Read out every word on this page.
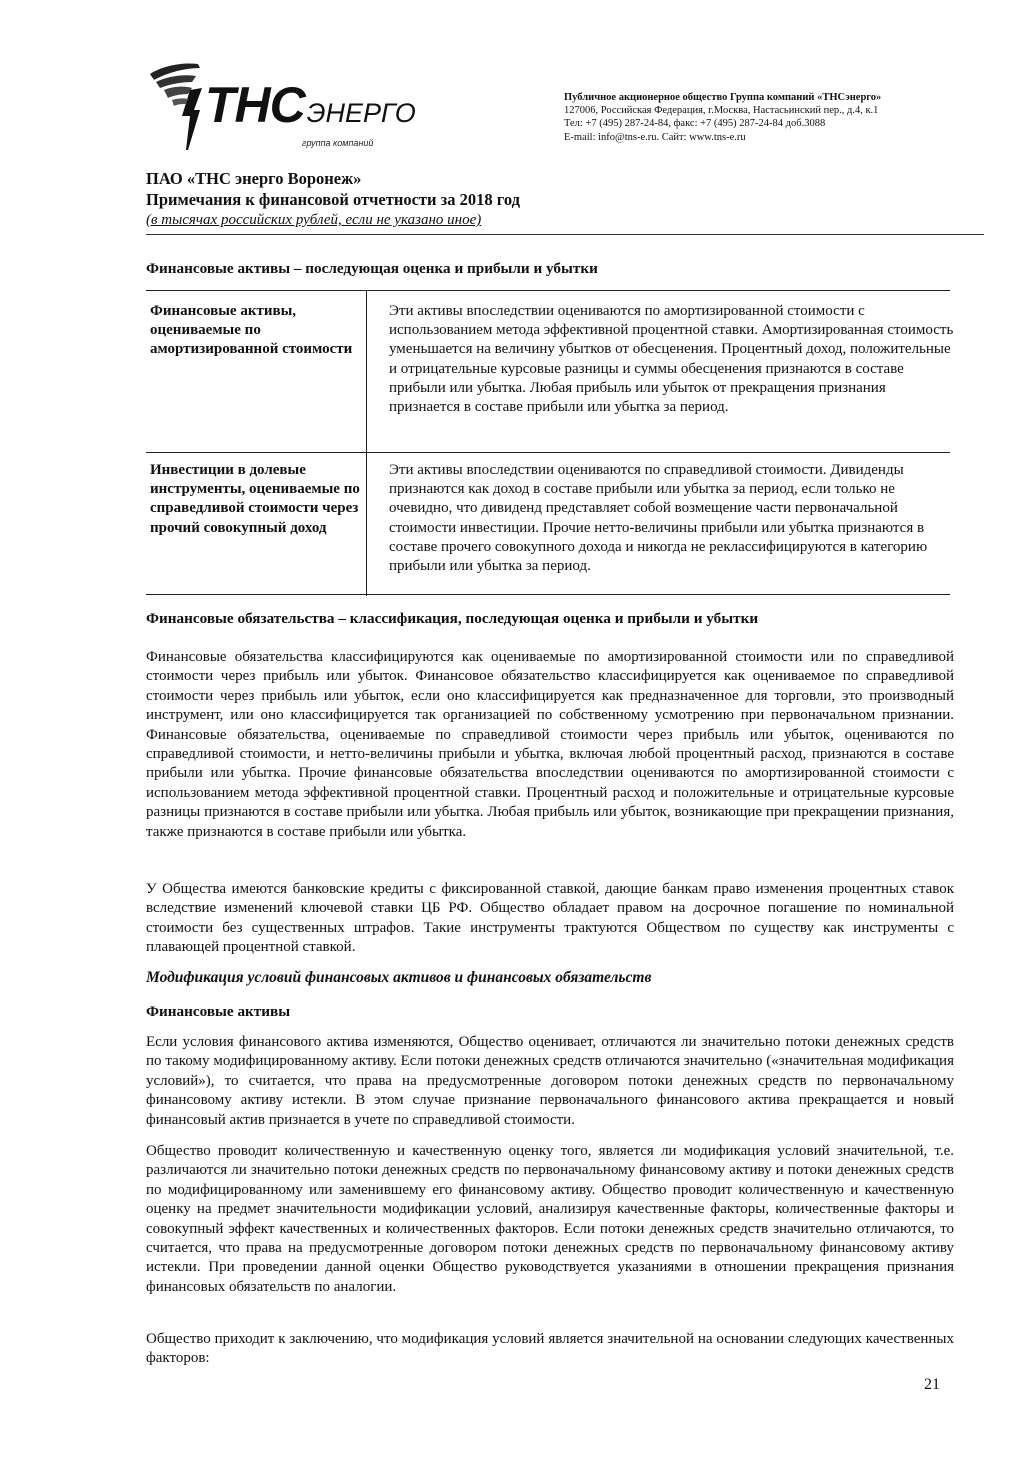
ТНСЭНЕРГО
группа компаний
Публичное акционерное общество Группа компаний «ТНСэнерго»
127006, Российская Федерация, г.Москва, Настасьинский пер., д.4, к.1
Тел: +7 (495) 287-24-84, факс: +7 (495) 287-24-84 доб.3088
E-mail: info@tns-e.ru. Сайт: www.tns-e.ru
ПАО «ТНС энерго Воронеж»
Примечания к финансовой отчетности за 2018 год
(в тысячах российских рублей, если не указано иное)
Финансовые активы – последующая оценка и прибыли и убытки
Финансовые активы, оцениваемые по амортизированной стоимости
Эти активы впоследствии оцениваются по амортизированной стоимости с использованием метода эффективной процентной ставки. Амортизированная стоимость уменьшается на величину убытков от обесценения. Процентный доход, положительные и отрицательные курсовые разницы и суммы обесценения признаются в составе прибыли или убытка. Любая прибыль или убыток от прекращения признания признается в составе прибыли или убытка за период.
Инвестиции в долевые инструменты, оцениваемые по справедливой стоимости через прочий совокупный доход
Эти активы впоследствии оцениваются по справедливой стоимости. Дивиденды признаются как доход в составе прибыли или убытка за период, если только не очевидно, что дивиденд представляет собой возмещение части первоначальной стоимости инвестиции. Прочие нетто-величины прибыли или убытка признаются в составе прочего совокупного дохода и никогда не реклассифицируются в категорию прибыли или убытка за период.
Финансовые обязательства – классификация, последующая оценка и прибыли и убытки
Финансовые обязательства классифицируются как оцениваемые по амортизированной стоимости или по справедливой стоимости через прибыль или убыток. Финансовое обязательство классифицируется как оцениваемое по справедливой стоимости через прибыль или убыток, если оно классифицируется как предназначенное для торговли, это производный инструмент, или оно классифицируется так организацией по собственному усмотрению при первоначальном признании. Финансовые обязательства, оцениваемые по справедливой стоимости через прибыль или убыток, оцениваются по справедливой стоимости, и нетто-величины прибыли и убытка, включая любой процентный расход, признаются в составе прибыли или убытка. Прочие финансовые обязательства впоследствии оцениваются по амортизированной стоимости с использованием метода эффективной процентной ставки. Процентный расход и положительные и отрицательные курсовые разницы признаются в составе прибыли или убытка. Любая прибыль или убыток, возникающие при прекращении признания, также признаются в составе прибыли или убытка.
У Общества имеются банковские кредиты с фиксированной ставкой, дающие банкам право изменения процентных ставок вследствие изменений ключевой ставки ЦБ РФ. Общество обладает правом на досрочное погашение по номинальной стоимости без существенных штрафов. Такие инструменты трактуются Обществом по существу как инструменты с плавающей процентной ставкой.
Модификация условий финансовых активов и финансовых обязательств
Финансовые активы
Если условия финансового актива изменяются, Общество оценивает, отличаются ли значительно потоки денежных средств по такому модифицированному активу. Если потоки денежных средств отличаются значительно («значительная модификация условий»), то считается, что права на предусмотренные договором потоки денежных средств по первоначальному финансовому активу истекли. В этом случае признание первоначального финансового актива прекращается и новый финансовый актив признается в учете по справедливой стоимости.
Общество проводит количественную и качественную оценку того, является ли модификация условий значительной, т.е. различаются ли значительно потоки денежных средств по первоначальному финансовому активу и потоки денежных средств по модифицированному или заменившему его финансовому активу. Общество проводит количественную и качественную оценку на предмет значительности модификации условий, анализируя качественные факторы, количественные факторы и совокупный эффект качественных и количественных факторов. Если потоки денежных средств значительно отличаются, то считается, что права на предусмотренные договором потоки денежных средств по первоначальному финансовому активу истекли. При проведении данной оценки Общество руководствуется указаниями в отношении прекращения признания финансовых обязательств по аналогии.
Общество приходит к заключению, что модификация условий является значительной на основании следующих качественных факторов:
21
